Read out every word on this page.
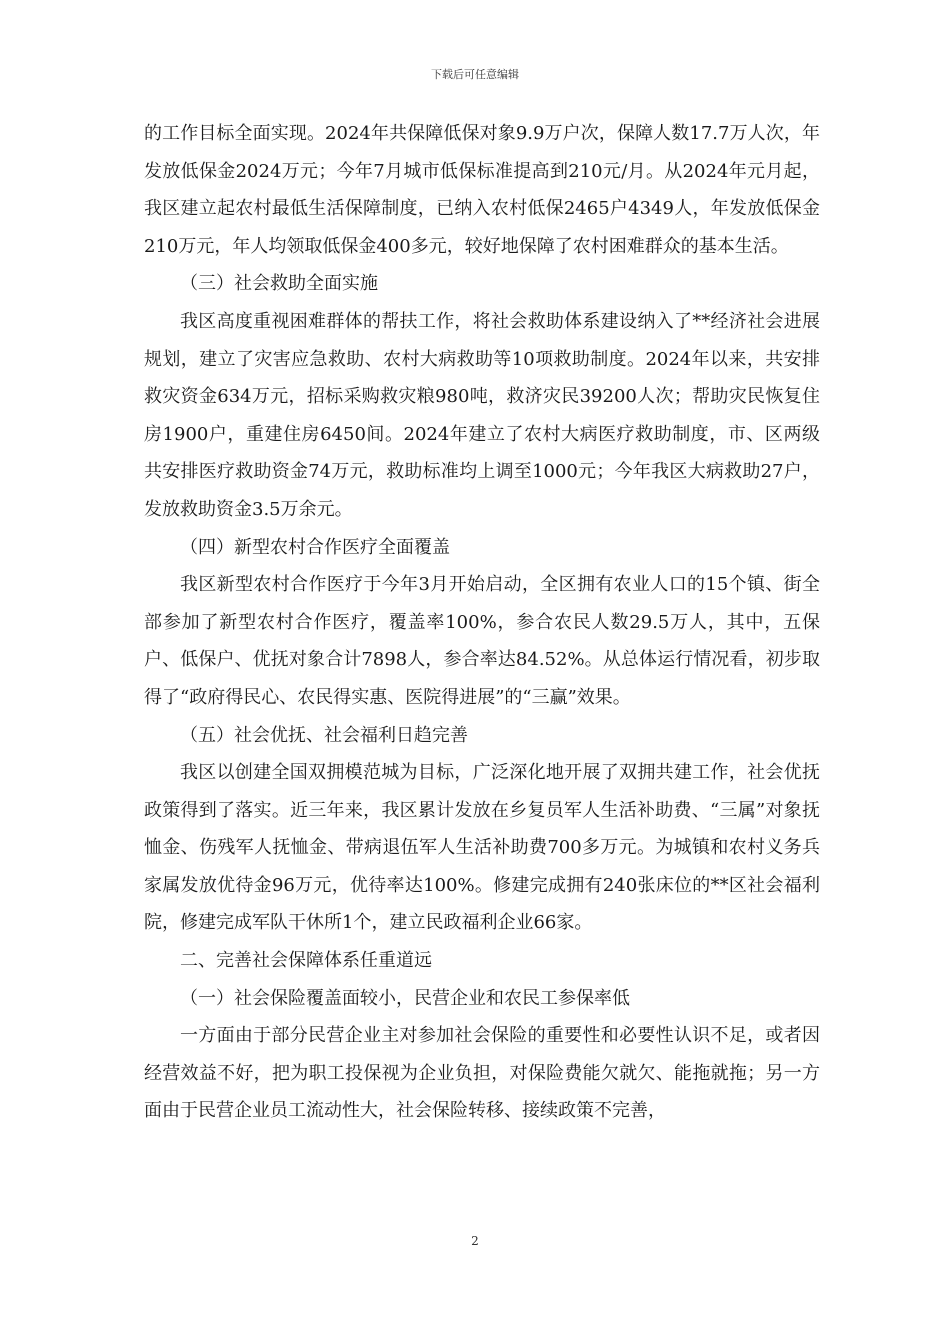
下载后可任意编辑

的工作目标全面实现。2024年共保障低保对象9.9万户次，保障人数17.7万人次，年发放低保金2024万元；今年7月城市低保标准提高到210元/月。从2024年元月起，我区建立起农村最低生活保障制度，已纳入农村低保2465户4349人，年发放低保金210万元，年人均领取低保金400多元，较好地保障了农村困难群众的基本生活。

（三）社会救助全面实施

我区高度重视困难群体的帮扶工作，将社会救助体系建设纳入了**经济社会进展规划，建立了灾害应急救助、农村大病救助等10项救助制度。2024年以来，共安排救灾资金634万元，招标采购救灾粮980吨，救济灾民39200人次；帮助灾民恢复住房1900户，重建住房6450间。2024年建立了农村大病医疗救助制度，市、区两级共安排医疗救助资金74万元，救助标准均上调至1000元；今年我区大病救助27户，发放救助资金3.5万余元。

（四）新型农村合作医疗全面覆盖

我区新型农村合作医疗于今年3月开始启动，全区拥有农业人口的15个镇、街全部参加了新型农村合作医疗，覆盖率100%，参合农民人数29.5万人，其中，五保户、低保户、优抚对象合计7898人，参合率达84.52%。从总体运行情况看，初步取得了“政府得民心、农民得实惠、医院得进展”的“三赢”效果。

（五）社会优抚、社会福利日趋完善

我区以创建全国双拥模范城为目标，广泛深化地开展了双拥共建工作，社会优抚政策得到了落实。近三年来，我区累计发放在乡复员军人生活补助费、“三属”对象抚恤金、伤残军人抚恤金、带病退伍军人生活补助费700多万元。为城镇和农村义务兵家属发放优待金96万元，优待率达100%。修建完成拥有240张床位的**区社会福利院，修建完成军队干休所1个，建立民政福利企业66家。

二、完善社会保障体系任重道远

（一）社会保险覆盖面较小，民营企业和农民工参保率低

一方面由于部分民营企业主对参加社会保险的重要性和必要性认识不足，或者因经营效益不好，把为职工投保视为企业负担，对保险费能欠就欠、能拖就拖；另一方面由于民营企业员工流动性大，社会保险转移、接续政策不完善，

2
